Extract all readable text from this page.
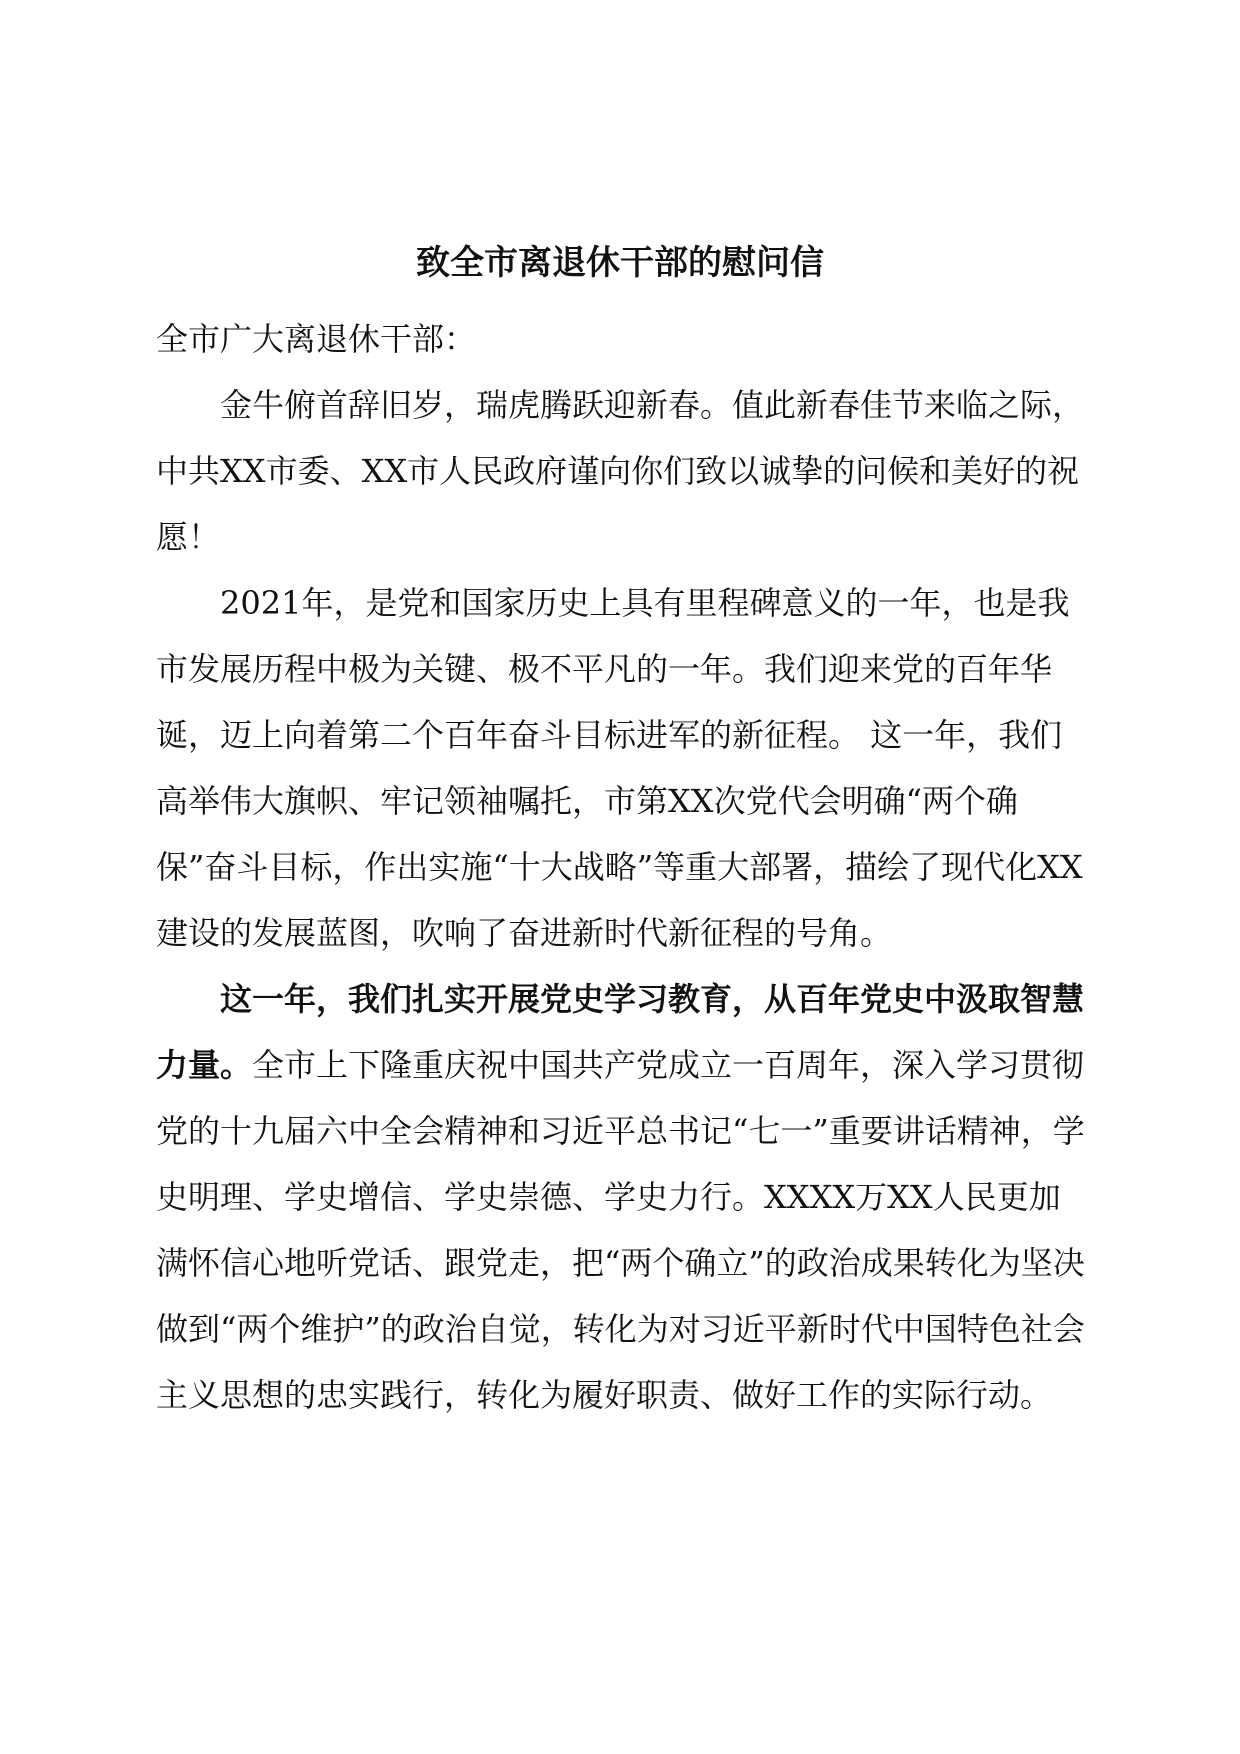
致全市离退休干部的慰问信

全市广大离退休干部：

金牛俯首辞旧岁，瑞虎腾跃迎新春。值此新春佳节来临之际，中共XX市委、XX市人民政府谨向你们致以诚挚的问候和美好的祝愿！

2021年，是党和国家历史上具有里程碑意义的一年，也是我市发展历程中极为关键、极不平凡的一年。我们迎来党的百年华诞，迈上向着第二个百年奋斗目标进军的新征程。 这一年，我们高举伟大旗帜、牢记领袖嘱托，市第XX次党代会明确“两个确保”奋斗目标，作出实施“十大战略”等重大部署，描绘了现代化XX建设的发展蓝图，吹响了奋进新时代新征程的号角。

这一年，我们扎实开展党史学习教育，从百年党史中汲取智慧力量。全市上下隆重庆祝中国共产党成立一百周年，深入学习贯彻党的十九届六中全会精神和习近平总书记“七一”重要讲话精神，学史明理、学史增信、学史崇德、学史力行。XXXX万XX人民更加满怀信心地听党话、跟党走，把“两个确立”的政治成果转化为坚决做到“两个维护”的政治自觉，转化为对习近平新时代中国特色社会主义思想的忠实践行，转化为履好职责、做好工作的实际行动。
